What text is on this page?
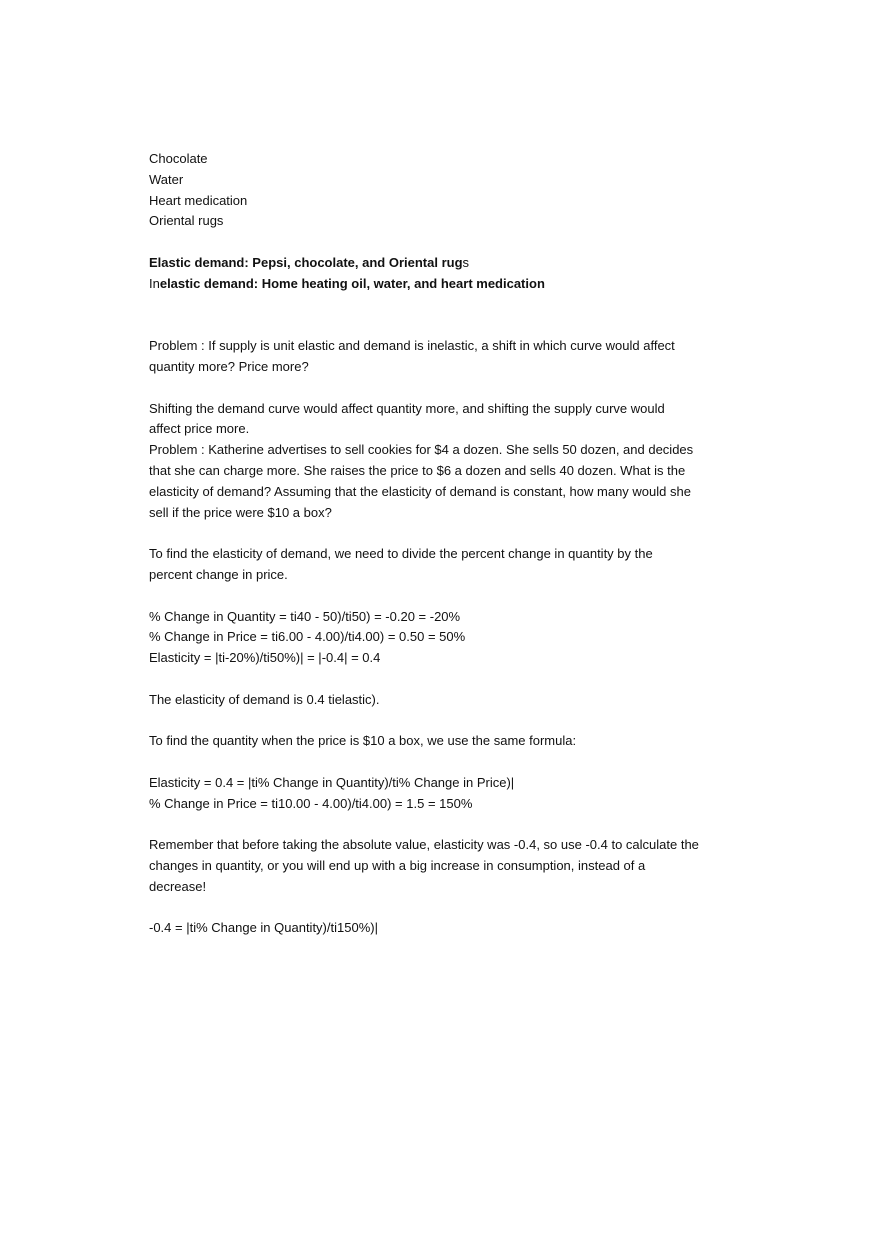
Chocolate
Water
Heart medication
Oriental rugs
Elastic demand: Pepsi, chocolate, and Oriental rugs
Inelastic demand: Home heating oil, water, and heart medication
Problem : If supply is unit elastic and demand is inelastic, a shift in which curve would affect
quantity more? Price more?
Shifting the demand curve would affect quantity more, and shifting the supply curve would
affect price more.
Problem : Katherine advertises to sell cookies for $4 a dozen. She sells 50 dozen, and decides
that she can charge more. She raises the price to $6 a dozen and sells 40 dozen. What is the
elasticity of demand? Assuming that the elasticity of demand is constant, how many would she
sell if the price were $10 a box?
To find the elasticity of demand, we need to divide the percent change in quantity by the
percent change in price.
% Change in Quantity = ti40 - 50)/ti50) = -0.20 = -20%
% Change in Price = ti6.00 - 4.00)/ti4.00) = 0.50 = 50%
Elasticity = |ti-20%)/ti50%)| = |-0.4| = 0.4
The elasticity of demand is 0.4 tielastic).
To find the quantity when the price is $10 a box, we use the same formula:
Elasticity = 0.4 = |ti% Change in Quantity)/ti% Change in Price)|
% Change in Price = ti10.00 - 4.00)/ti4.00) = 1.5 = 150%
Remember that before taking the absolute value, elasticity was -0.4, so use -0.4 to calculate the
changes in quantity, or you will end up with a big increase in consumption, instead of a
decrease!
-0.4 = |ti% Change in Quantity)/ti150%)|
